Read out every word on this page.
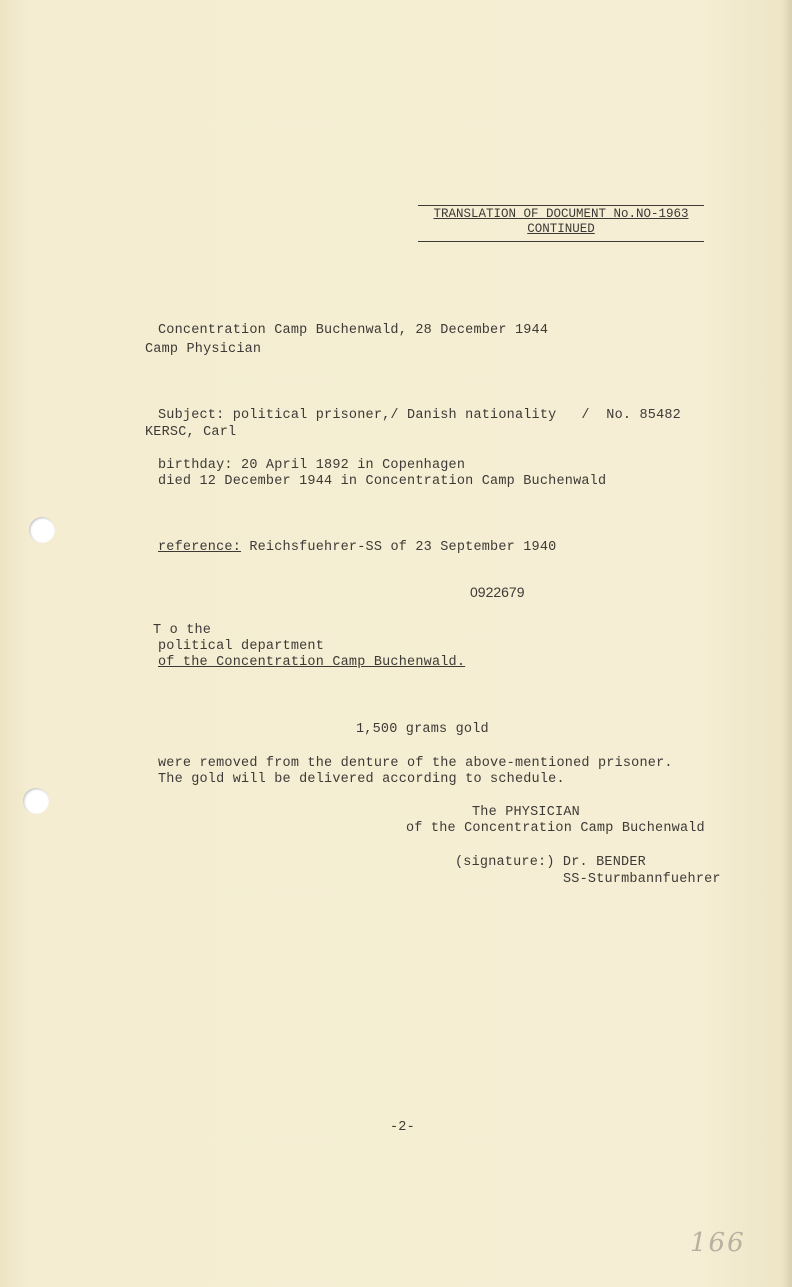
TRANSLATION OF DOCUMENT No.NO-1963
CONTINUED
Concentration Camp Buchenwald, 28 December 1944
Camp Physician
Subject: political prisoner,/ Danish nationality   /  No. 85482
KERSC, Carl
birthday: 20 April 1892 in Copenhagen
died 12 December 1944 in Concentration Camp Buchenwald
reference: Reichsfuehrer-SS of 23 September 1940
0922679
T o the
political department
of the Concentration Camp Buchenwald.
1,500 grams gold
were removed from the denture of the above-mentioned prisoner.
The gold will be delivered according to schedule.
The PHYSICIAN
of the Concentration Camp Buchenwald
(signature:) Dr. BENDER
SS-Sturmbannfuehrer
-2-
166
